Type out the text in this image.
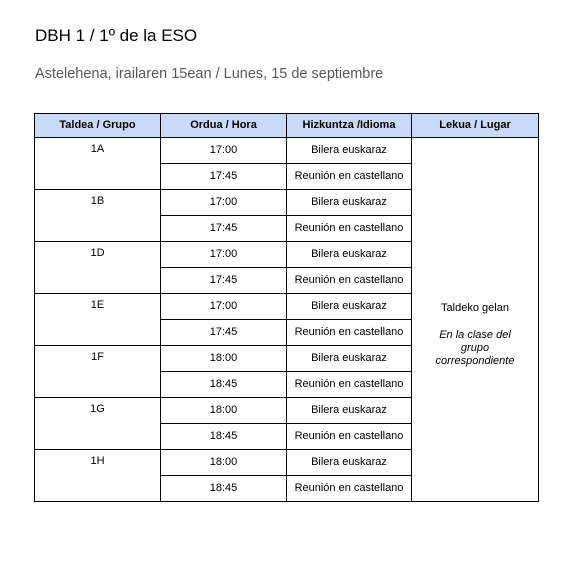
DBH 1 / 1º de la ESO

Astelehena, irailaren 15ean / Lunes, 15 de septiembre

Taldea / Grupo	Ordua / Hora	Hizkuntza /Idioma	Lekua / Lugar
1A	17:00	Bilera euskaraz	Taldeko gelan
En la clase del grupo correspondiente

	17:45	Reunión en castellano	
1B	17:00	Bilera euskaraz	
	17:45	Reunión en castellano	
1D	17:00	Bilera euskaraz	
	17:45	Reunión en castellano	
1E	17:00	Bilera euskaraz	
	17:45	Reunión en castellano	
1F	18:00	Bilera euskaraz	
	18:45	Reunión en castellano	
1G	18:00	Bilera euskaraz	
	18:45	Reunión en castellano	
1H	18:00	Bilera euskaraz	
	18:45	Reunión en castellano	
